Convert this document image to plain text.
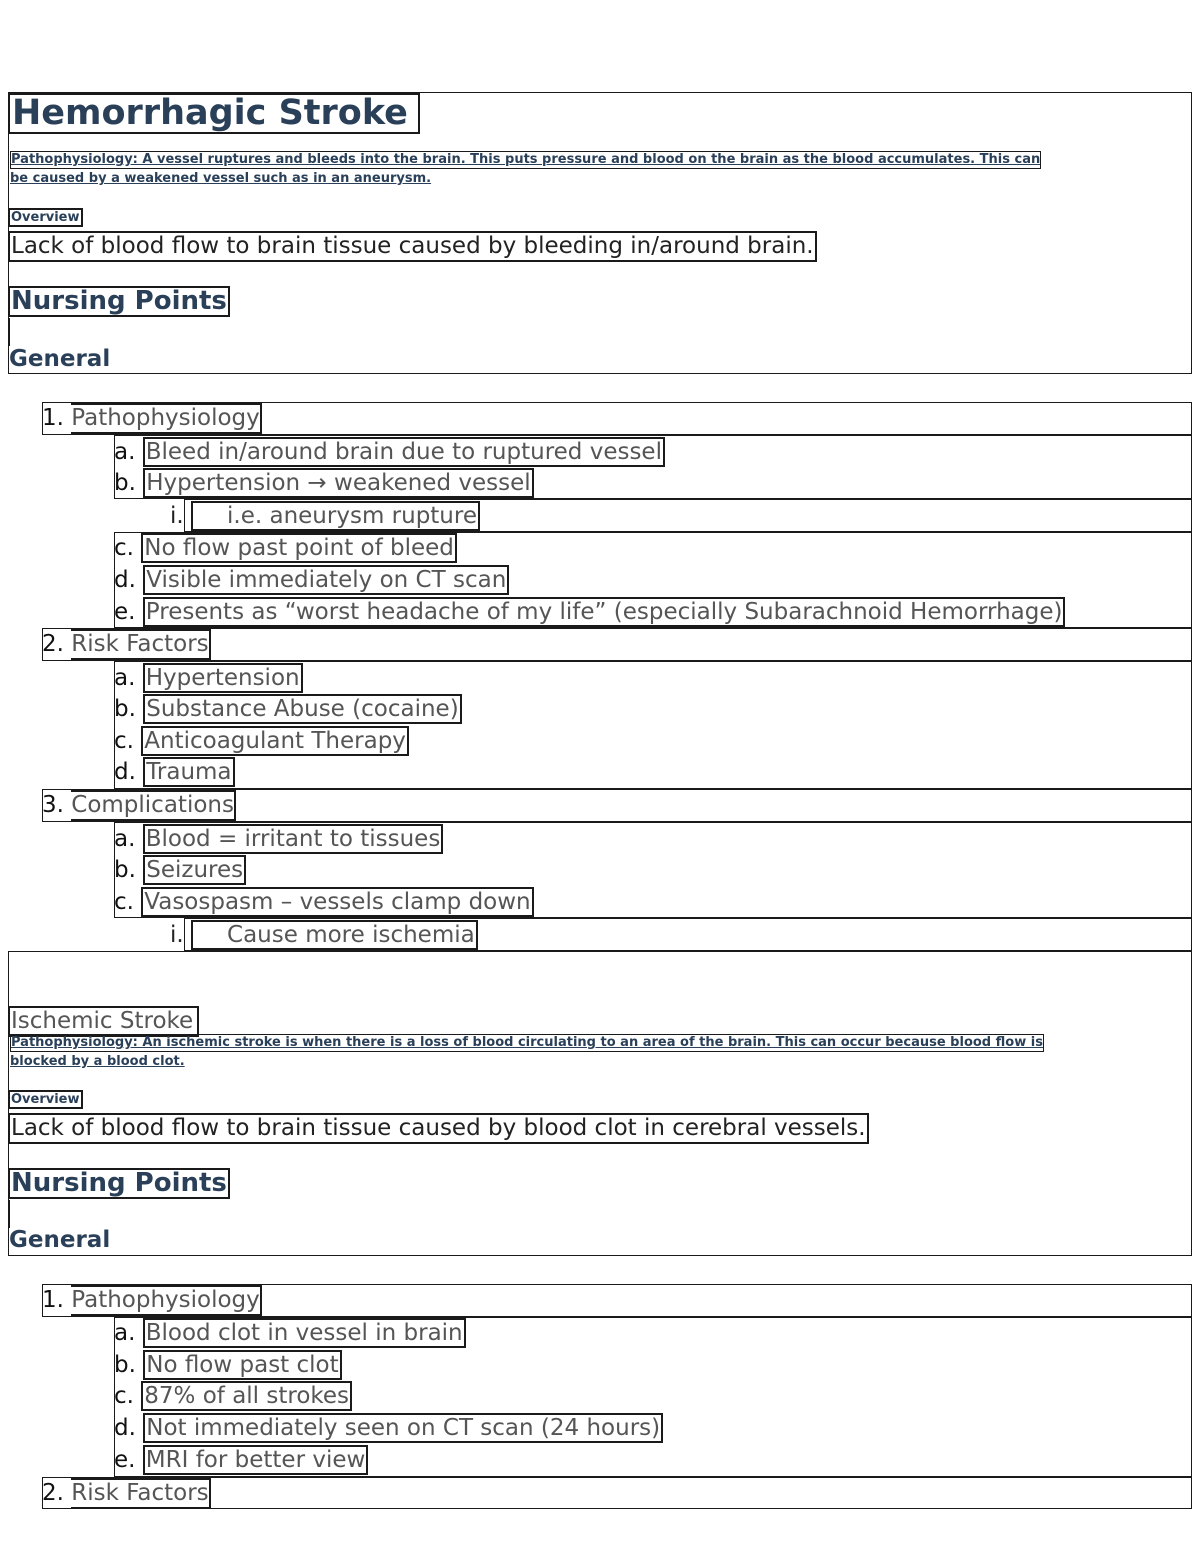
Hemorrhagic Stroke
Pathophysiology: A vessel ruptures and bleeds into the brain. This puts pressure and blood on the brain as the blood accumulates. This can
be caused by a weakened vessel such as in an aneurysm.
Overview
Lack of blood flow to brain tissue caused by bleeding in/around brain.
Nursing Points
General
1. Pathophysiology
a. Bleed in/around brain due to ruptured vessel
b. Hypertension → weakened vessel
i. i.e. aneurysm rupture
c. No flow past point of bleed
d. Visible immediately on CT scan
e. Presents as “worst headache of my life” (especially Subarachnoid Hemorrhage)
2. Risk Factors
a. Hypertension
b. Substance Abuse (cocaine)
c. Anticoagulant Therapy
d. Trauma
3. Complications
a. Blood = irritant to tissues
b. Seizures
c. Vasospasm – vessels clamp down
i. Cause more ischemia
Ischemic Stroke
Pathophysiology: An ischemic stroke is when there is a loss of blood circulating to an area of the brain. This can occur because blood flow is
blocked by a blood clot.
Overview
Lack of blood flow to brain tissue caused by blood clot in cerebral vessels.
Nursing Points
General
1. Pathophysiology
a. Blood clot in vessel in brain
b. No flow past clot
c. 87% of all strokes
d. Not immediately seen on CT scan (24 hours)
e. MRI for better view
2. Risk Factors
